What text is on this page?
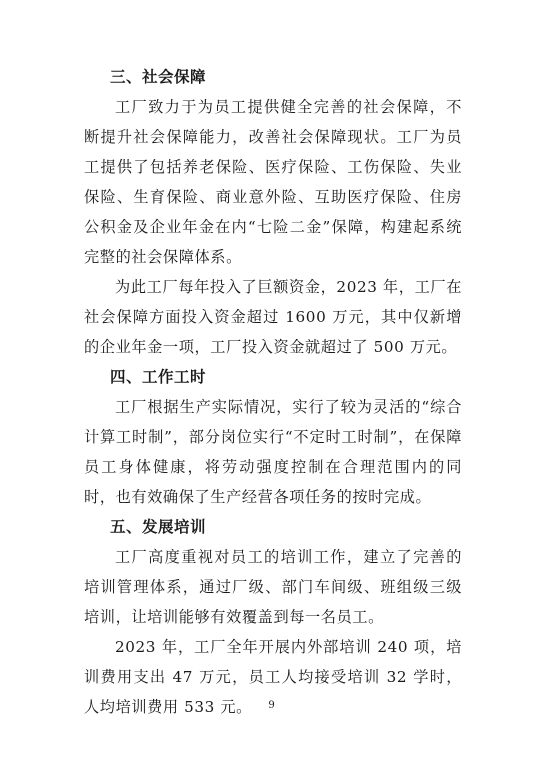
三、社会保障

工厂致力于为员工提供健全完善的社会保障，不断提升社会保障能力，改善社会保障现状。工厂为员工提供了包括养老保险、医疗保险、工伤保险、失业保险、生育保险、商业意外险、互助医疗保险、住房公积金及企业年金在内“七险二金”保障，构建起系统完整的社会保障体系。

为此工厂每年投入了巨额资金，2023 年，工厂在社会保障方面投入资金超过 1600 万元，其中仅新增的企业年金一项，工厂投入资金就超过了 500 万元。

四、工作工时

工厂根据生产实际情况，实行了较为灵活的“综合计算工时制”，部分岗位实行“不定时工时制”，在保障员工身体健康，将劳动强度控制在合理范围内的同时，也有效确保了生产经营各项任务的按时完成。

五、发展培训

工厂高度重视对员工的培训工作，建立了完善的培训管理体系，通过厂级、部门车间级、班组级三级培训，让培训能够有效覆盖到每一名员工。

2023 年，工厂全年开展内外部培训 240 项，培训费用支出 47 万元，员工人均接受培训 32 学时，人均培训费用 533 元。	9
